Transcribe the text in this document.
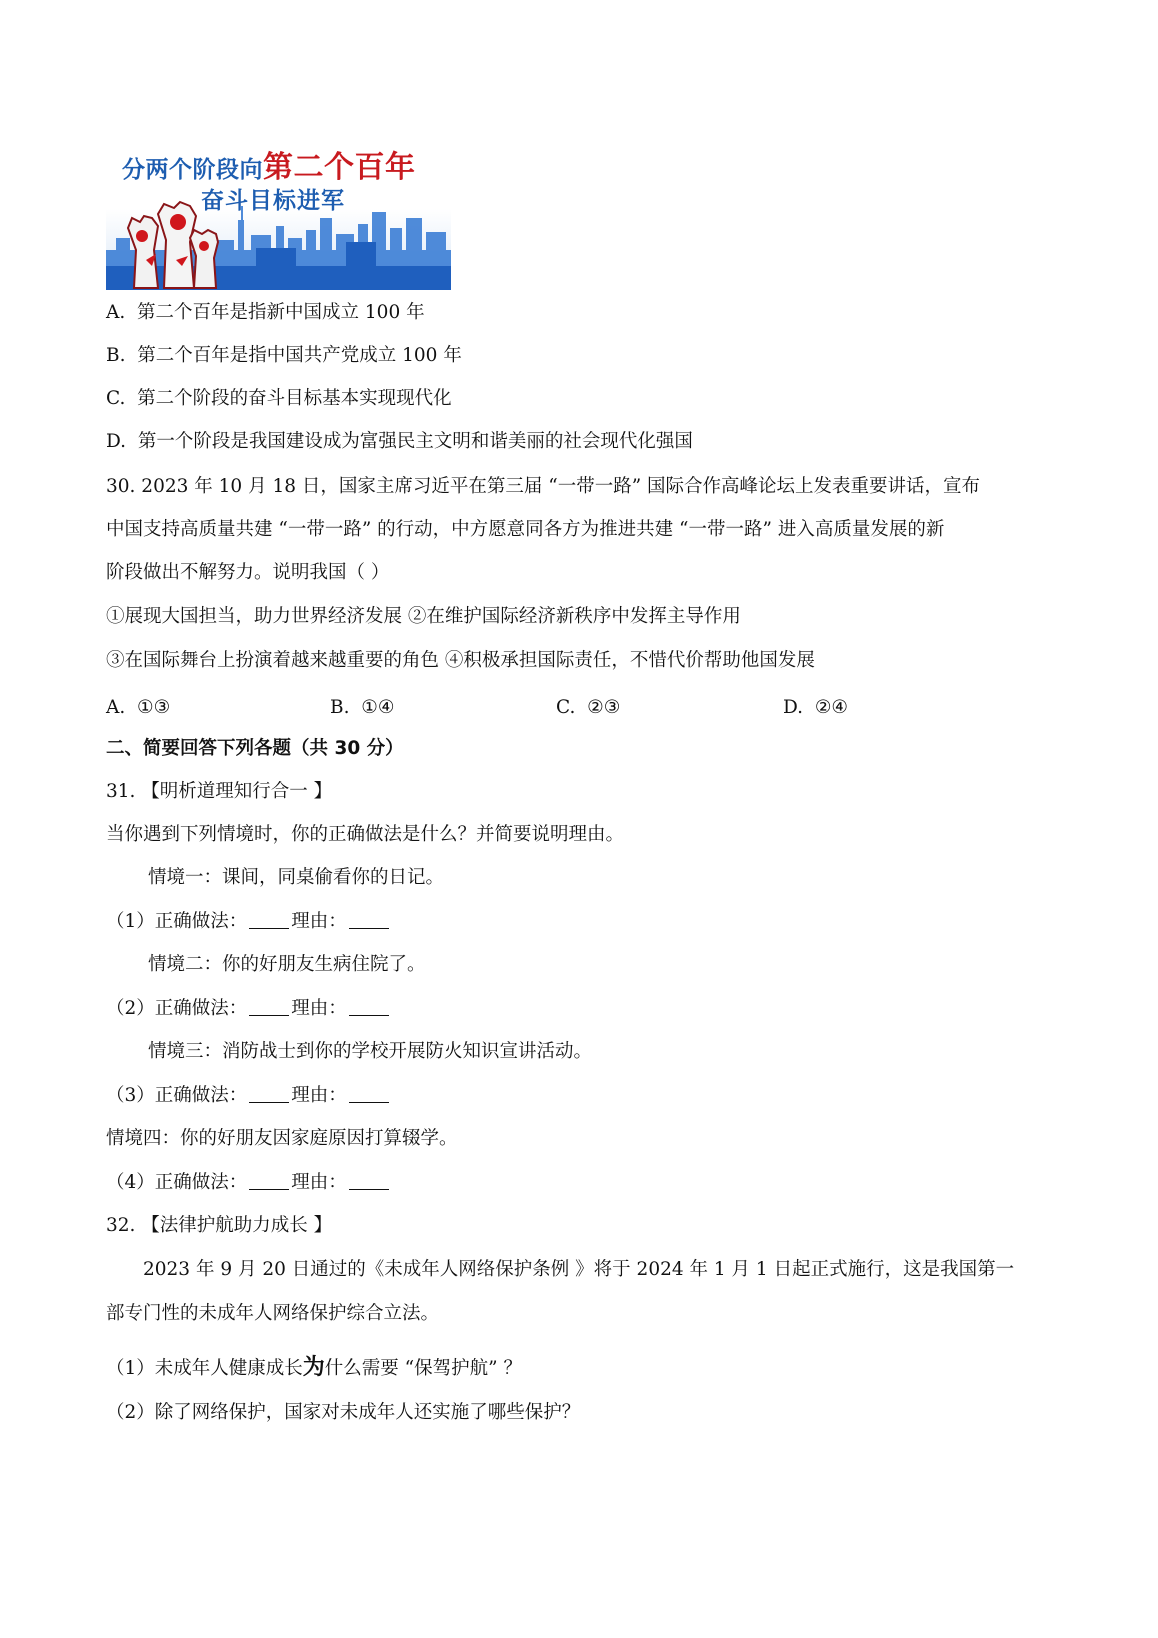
分两个阶段向第二个百年
奋斗目标进军
A. 第二个百年是指新中国成立 100 年
B. 第二个百年是指中国共产党成立 100 年
C. 第二个阶段的奋斗目标基本实现现代化
D. 第一个阶段是我国建设成为富强民主文明和谐美丽的社会现代化强国
30. 2023 年 10 月 18 日，国家主席习近平在第三届 “一带一路” 国际合作高峰论坛上发表重要讲话，宣布
中国支持高质量共建 “一带一路” 的行动，中方愿意同各方为推进共建 “一带一路” 进入高质量发展的新
阶段做出不解努力。说明我国（ ）
①展现大国担当，助力世界经济发展 ②在维护国际经济新秩序中发挥主导作用
③在国际舞台上扮演着越来越重要的角色 ④积极承担国际责任，不惜代价帮助他国发展
A. ①③	B. ①④	C. ②③	D. ②④
二、简要回答下列各题（共 30 分）
31. 【明析道理知行合一 】
当你遇到下列情境时，你的正确做法是什么？并简要说明理由。
情境一：课间，同桌偷看你的日记。
（1）正确做法： 理由：
情境二：你的好朋友生病住院了。
（2）正确做法： 理由：
情境三：消防战士到你的学校开展防火知识宣讲活动。
（3）正确做法： 理由：
情境四：你的好朋友因家庭原因打算辍学。
（4）正确做法： 理由：
32. 【法律护航助力成长 】
2023 年 9 月 20 日通过的《未成年人网络保护条例 》将于 2024 年 1 月 1 日起正式施行，这是我国第一
部专门性的未成年人网络保护综合立法。
（1）未成年人健康成长为什么需要 “保驾护航” ？
（2）除了网络保护，国家对未成年人还实施了哪些保护？
